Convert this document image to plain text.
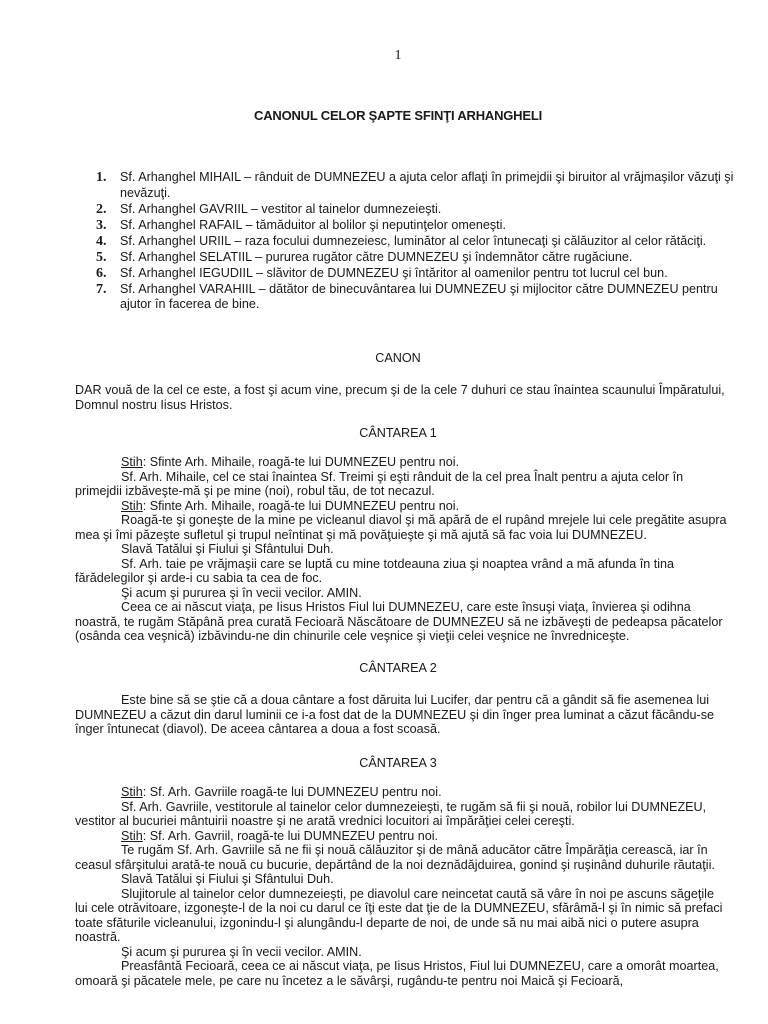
1
CANONUL CELOR ŞAPTE SFINŢI ARHANGHELI
1. Sf. Arhanghel MIHAIL – rânduit de DUMNEZEU a ajuta celor aflaţi în primejdii şi biruitor al vrăjmaşilor văzuţi şi nevăzuţi.
2. Sf. Arhanghel GAVRIIL – vestitor al tainelor dumnezeieşti.
3. Sf. Arhanghel RAFAIL – tămăduitor al bolilor şi neputinţelor omeneşti.
4. Sf. Arhanghel URIIL – raza focului dumnezeiesc, luminător al celor întunecaţi şi călăuzitor al celor rătăciţi.
5. Sf. Arhanghel SELATIIL – pururea rugător către DUMNEZEU şi îndemnător către rugăciune.
6. Sf. Arhanghel IEGUDIIL – slăvitor de DUMNEZEU şi întăritor al oamenilor pentru tot lucrul cel bun.
7. Sf. Arhanghel VARAHIIL – dătător de binecuvântarea lui DUMNEZEU şi mijlocitor către DUMNEZEU pentru ajutor în facerea de bine.
CANON

DAR vouă de la cel ce este, a fost şi acum vine, precum şi de la cele 7 duhuri ce stau înaintea scaunului Împăratului, Domnul nostru Iisus Hristos.

CÂNTAREA 1

Stih: Sfinte Arh. Mihaile, roagă-te lui DUMNEZEU pentru noi.

Sf. Arh. Mihaile, cel ce stai înaintea Sf. Treimi şi eşti rânduit de la cel prea Înalt pentru a ajuta celor în primejdii izbăveşte-mă şi pe mine (noi), robul tău, de tot necazul.

Stih: Sfinte Arh. Mihaile, roagă-te lui DUMNEZEU pentru noi.

Roagă-te şi goneşte de la mine pe vicleanul diavol şi mă apără de el rupând mrejele lui cele pregătite asupra mea şi îmi păzeşte sufletul şi trupul neîntinat şi mă povăţuieşte şi mă ajută să fac voia lui DUMNEZEU.

Slavă Tatălui şi Fiului şi Sfântului Duh.

Sf. Arh. taie pe vrăjmaşii care se luptă cu mine totdeauna ziua şi noaptea vrând a mă afunda în tina fărădelegilor şi arde-i cu sabia ta cea de foc.

Şi acum şi pururea şi în vecii vecilor. AMIN.

Ceea ce ai născut viaţa, pe Iisus Hristos Fiul lui DUMNEZEU, care este însuşi viaţa, învierea şi odihna noastră, te rugăm Stăpână prea curată Fecioară Născătoare de DUMNEZEU să ne izbăveşti de pedeapsa păcatelor (osânda cea veşnică) izbăvindu-ne din chinurile cele veşnice şi vieţii celei veşnice ne învredniceşte.

CÂNTAREA 2

Este bine să se ştie că a doua cântare a fost dăruita lui Lucifer, dar pentru că a gândit să fie asemenea lui DUMNEZEU a căzut din darul luminii ce i-a fost dat de la DUMNEZEU şi din înger prea luminat a căzut făcându-se înger întunecat (diavol). De aceea cântarea a doua a fost scoasă.

CÂNTAREA 3

Stih: Sf. Arh. Gavriile roagă-te lui DUMNEZEU pentru noi.

Sf. Arh. Gavriile, vestitorule al tainelor celor dumnezeieşti, te rugăm să fii şi nouă, robilor lui DUMNEZEU, vestitor al bucuriei mântuirii noastre şi ne arată vrednici locuitori ai împărăţiei celei cereşti.

Stih: Sf. Arh. Gavriil, roagă-te lui DUMNEZEU pentru noi.

Te rugăm Sf. Arh. Gavriile să ne fii şi nouă călăuzitor şi de mână aducător către Împărăţia cerească, iar în ceasul sfârşitului arată-te nouă cu bucurie, depărtând de la noi deznădăjduirea, gonind şi ruşinând duhurile răutaţii.

Slavă Tatălui şi Fiului şi Sfântului Duh.

Slujitorule al tainelor celor dumnezeieşti, pe diavolul care neincetat caută să vâre în noi pe ascuns săgeţile lui cele otrăvitoare, izgoneşte-l de la noi cu darul ce îţi este dat ţie de la DUMNEZEU, sfărâmă-l şi în nimic să prefaci toate sfăturile vicleanului, izgonindu-l şi alungându-l departe de noi, de unde să nu mai aibă nici o putere asupra noastră.

Şi acum şi pururea şi în vecii vecilor. AMIN.

Preasfântă Fecioară, ceea ce ai născut viaţa, pe Iisus Hristos, Fiul lui DUMNEZEU, care a omorât moartea, omoară şi păcatele mele, pe care nu încetez a le săvârşi, rugându-te pentru noi Maică şi Fecioară,
